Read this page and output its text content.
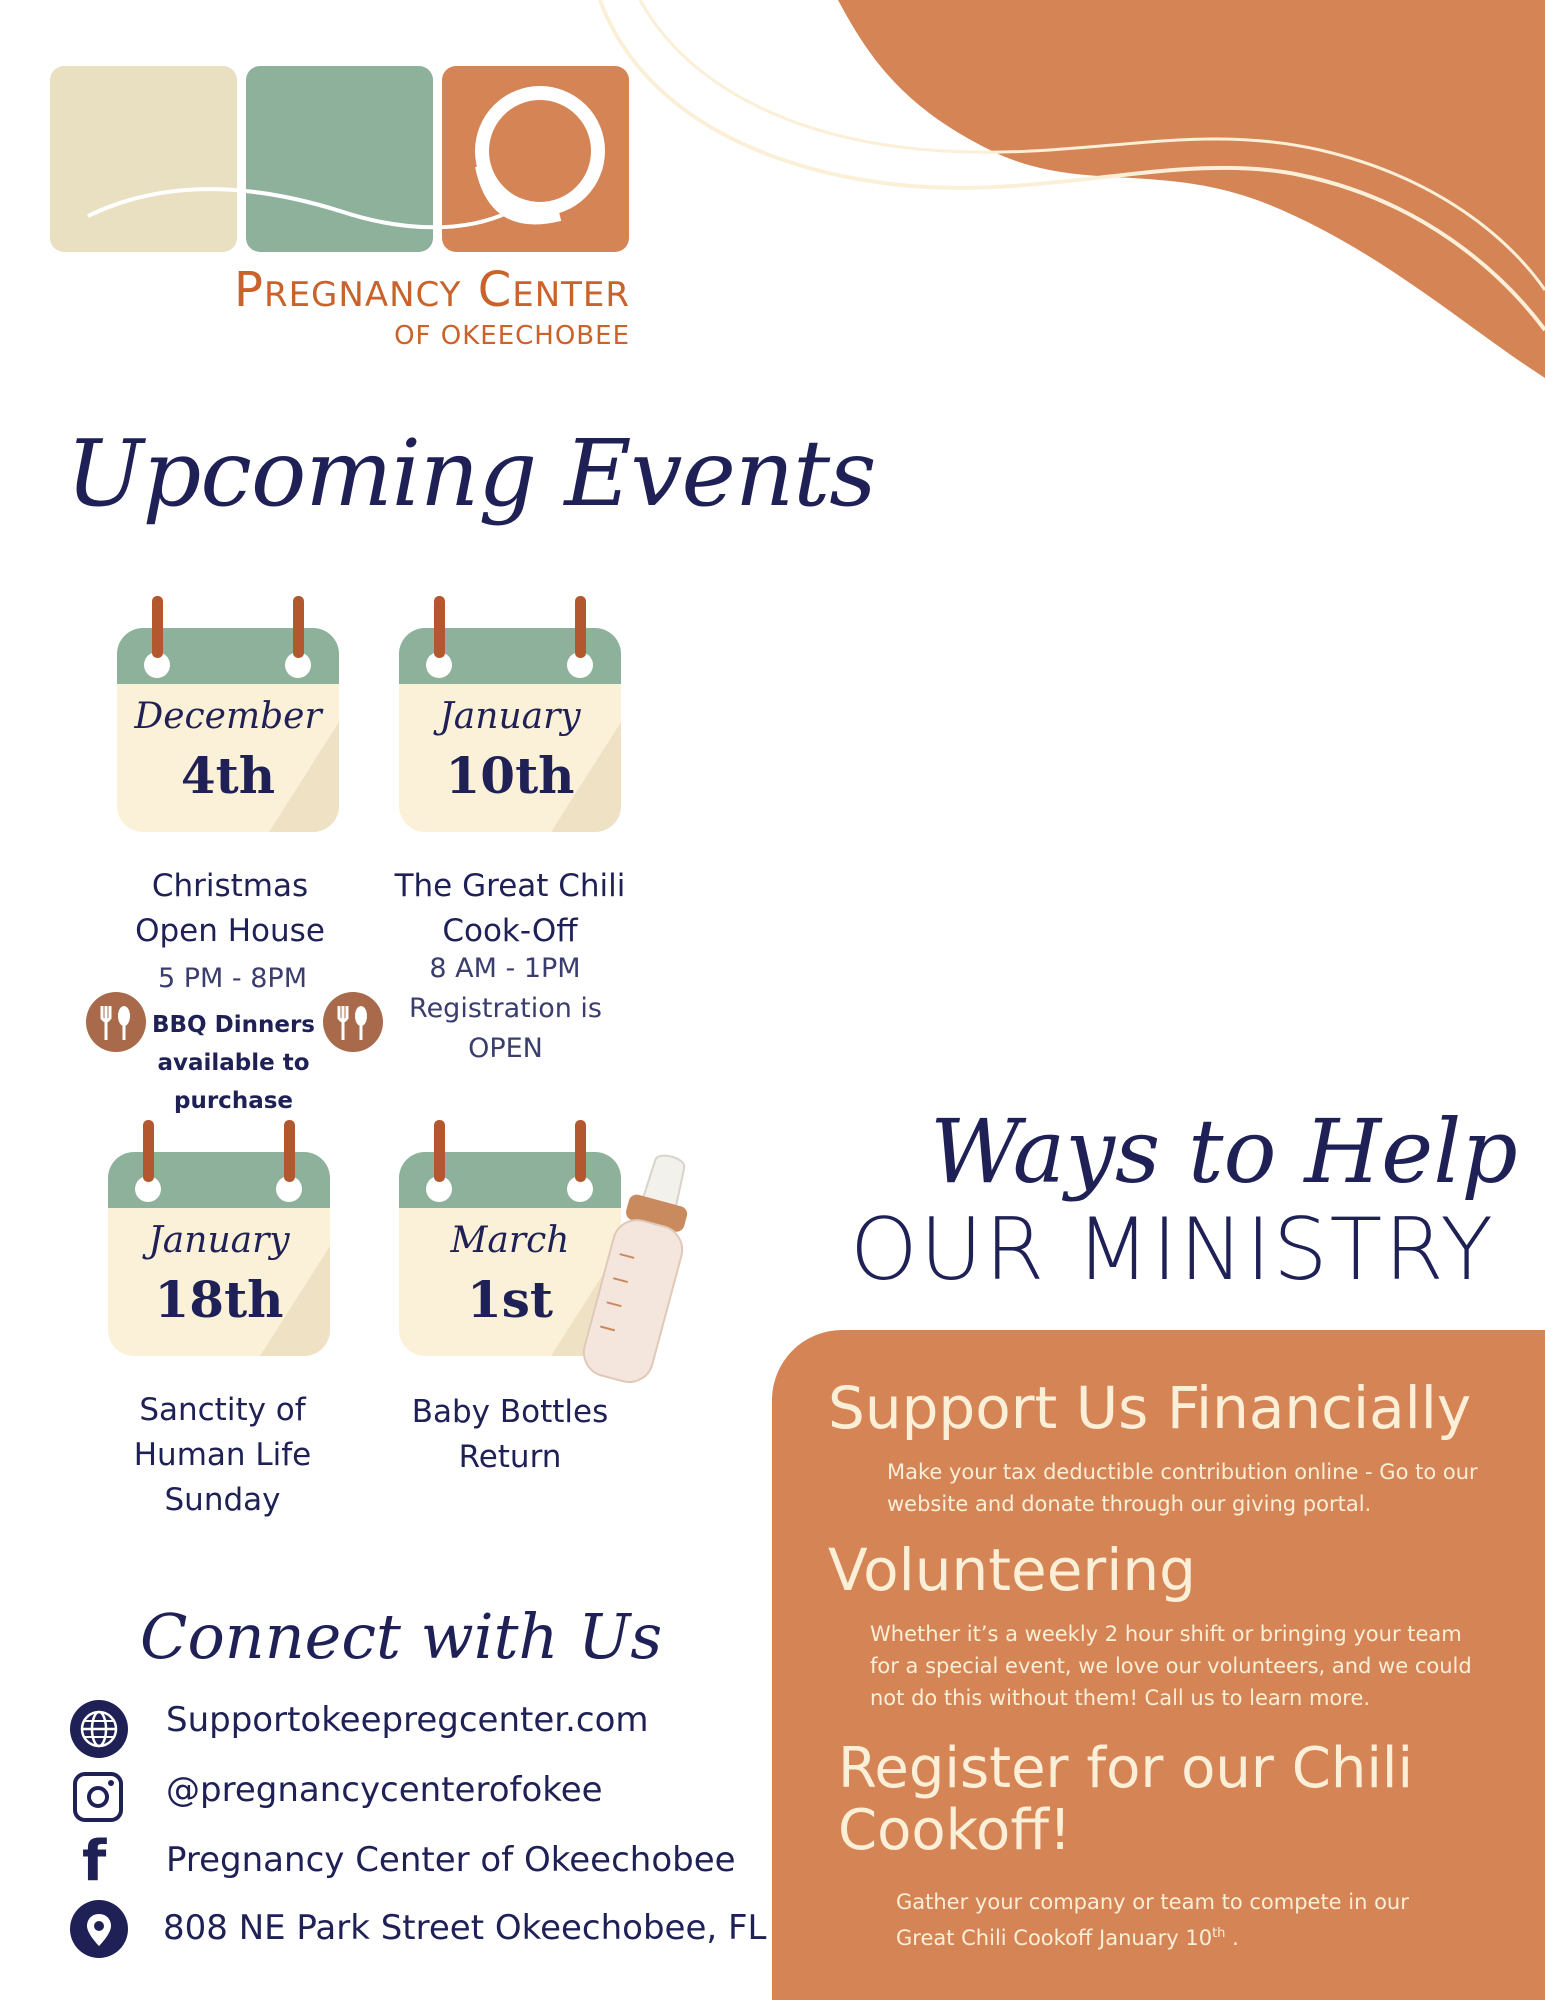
Pregnancy Center
OF OKEECHOBEE
Upcoming Events
December
4th
January
10th
January
18th
March
1st
Christmas Open House
5 PM - 8PM
BBQ Dinners available to purchase
The Great Chili Cook-Off
8 AM - 1PM
Registration is OPEN
Sanctity of Human Life Sunday
Baby Bottles Return
Ways to Help
OUR MINISTRY
Support Us Financially
Make your tax deductible contribution online - Go to our website and donate through our giving portal.
Volunteering
Whether it’s a weekly 2 hour shift or bringing your team for a special event, we love our volunteers, and we could not do this without them! Call us to learn more.
Register for our Chili Cookoff!
Gather your company or team to compete in our Great Chili Cookoff January 10th .
Connect with Us
Supportokeepregcenter.com
@pregnancycenterofokee
f Pregnancy Center of Okeechobee
808 NE Park Street Okeechobee, FL
